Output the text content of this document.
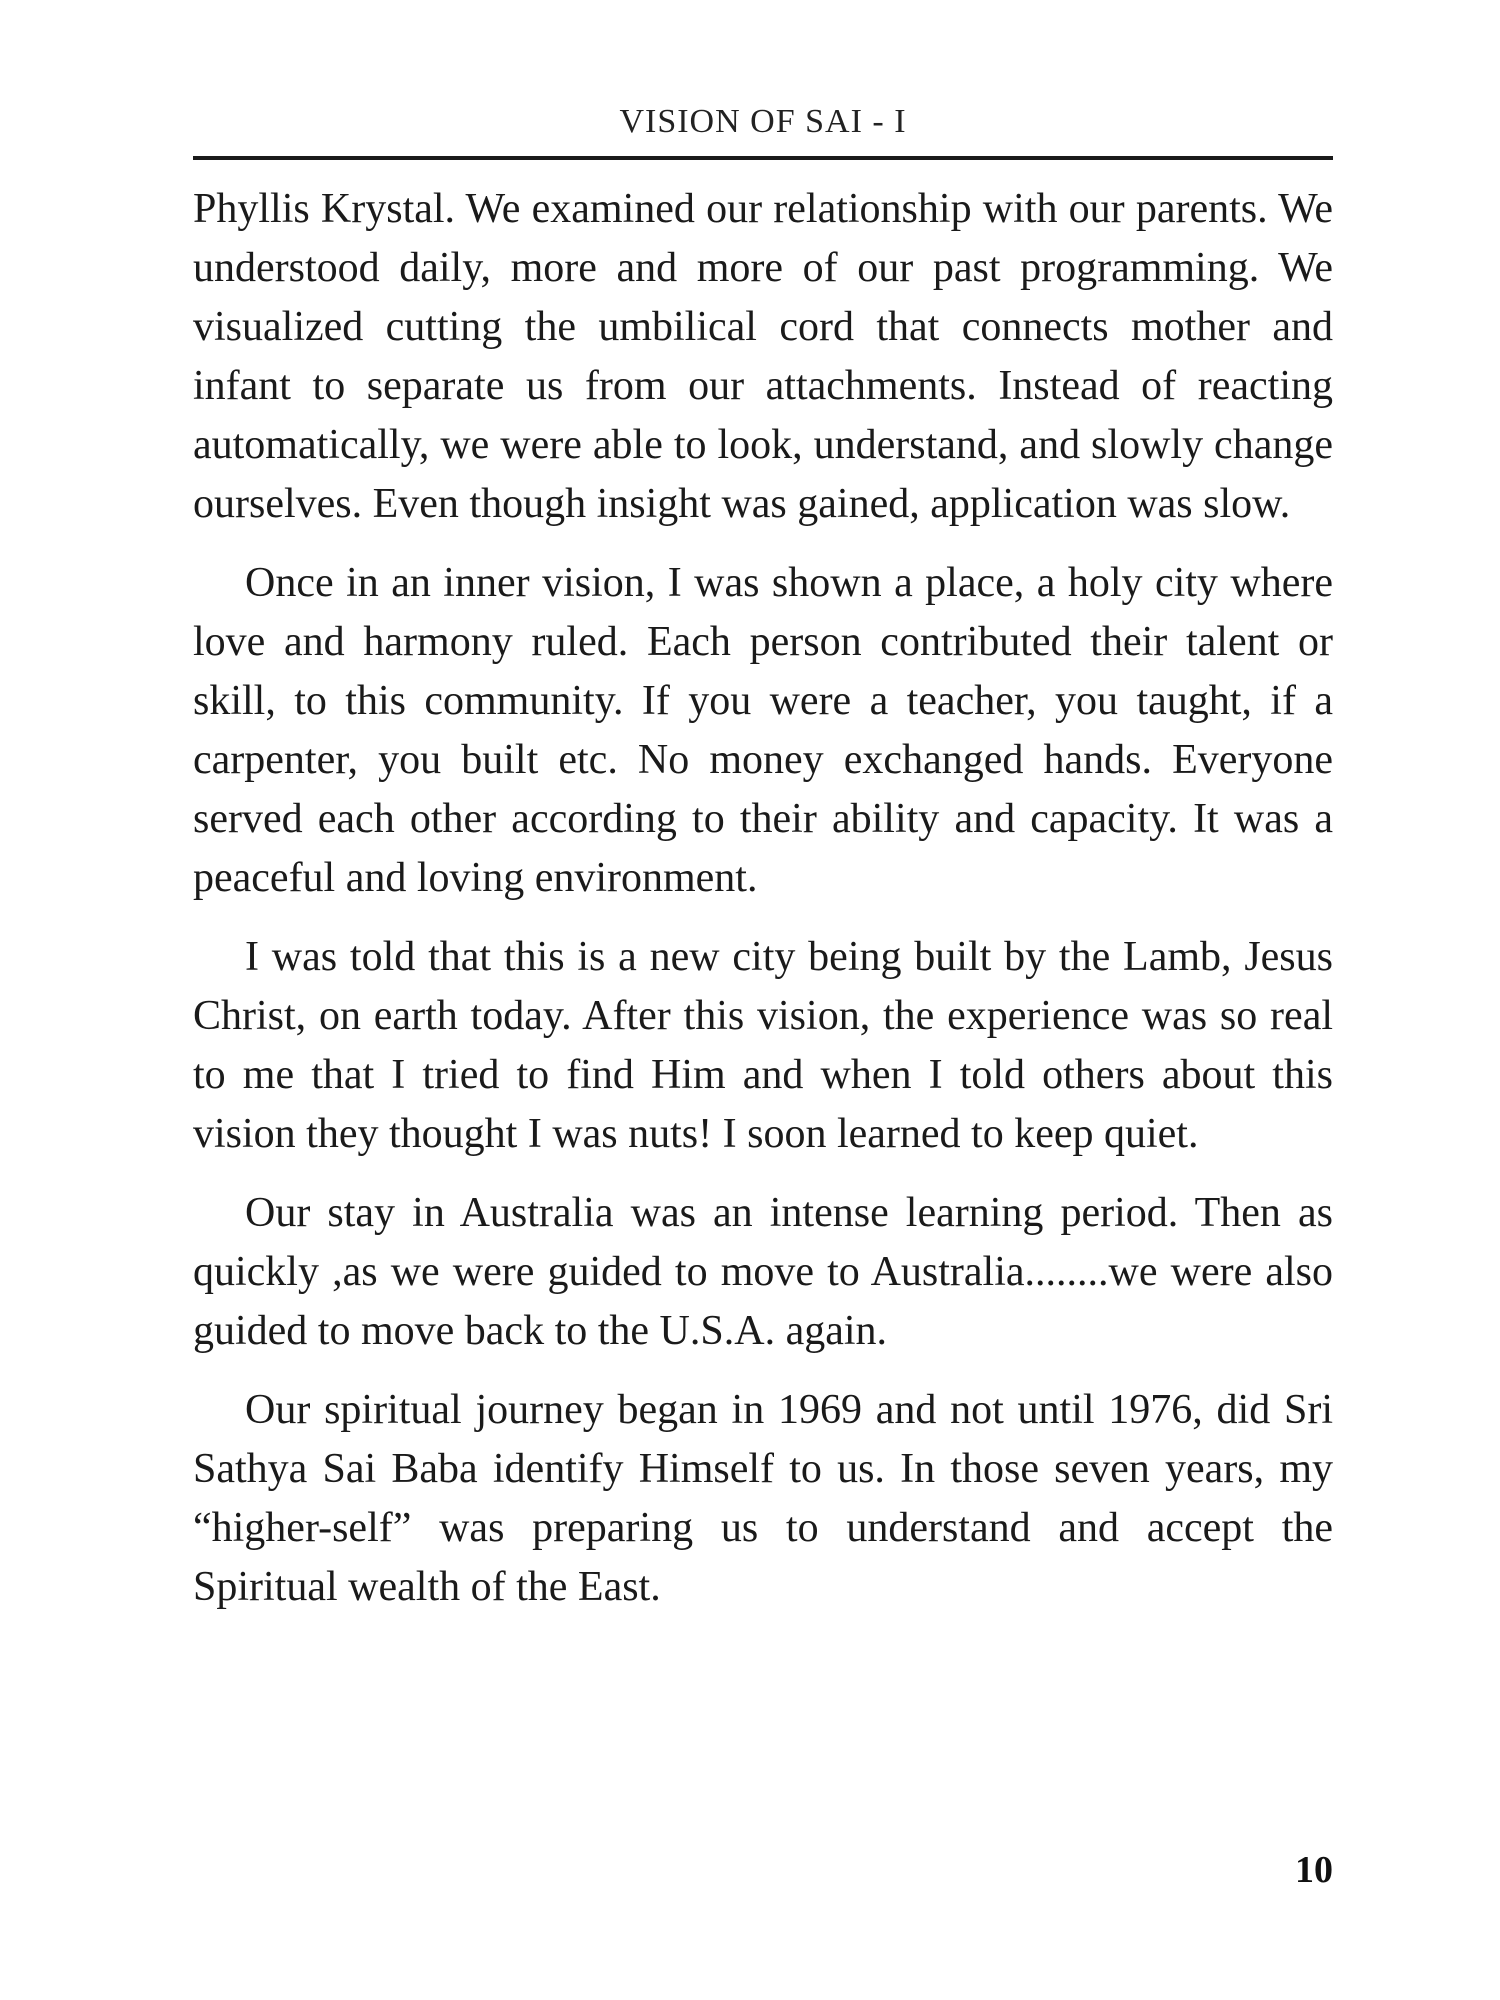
VISION OF SAI - I

Phyllis Krystal. We examined our relationship with our parents. We understood daily, more and more of our past programming. We visualized cutting the umbilical cord that connects mother and infant to separate us from our attachments. Instead of reacting automatically, we were able to look, understand, and slowly change ourselves. Even though insight was gained, application was slow.

Once in an inner vision, I was shown a place, a holy city where love and harmony ruled. Each person contributed their talent or skill, to this community. If you were a teacher, you taught, if a carpenter, you built etc. No money exchanged hands. Everyone served each other according to their ability and capacity. It was a peaceful and loving environment.

I was told that this is a new city being built by the Lamb, Jesus Christ, on earth today. After this vision, the experience was so real to me that I tried to find Him and when I told others about this vision they thought I was nuts! I soon learned to keep quiet.

Our stay in Australia was an intense learning period. Then as quickly ,as we were guided to move to Australia........we were also guided to move back to the U.S.A. again.

Our spiritual journey began in 1969 and not until 1976, did Sri Sathya Sai Baba identify Himself to us. In those seven years, my “higher-self” was preparing us to understand and accept the Spiritual wealth of the East.

10
